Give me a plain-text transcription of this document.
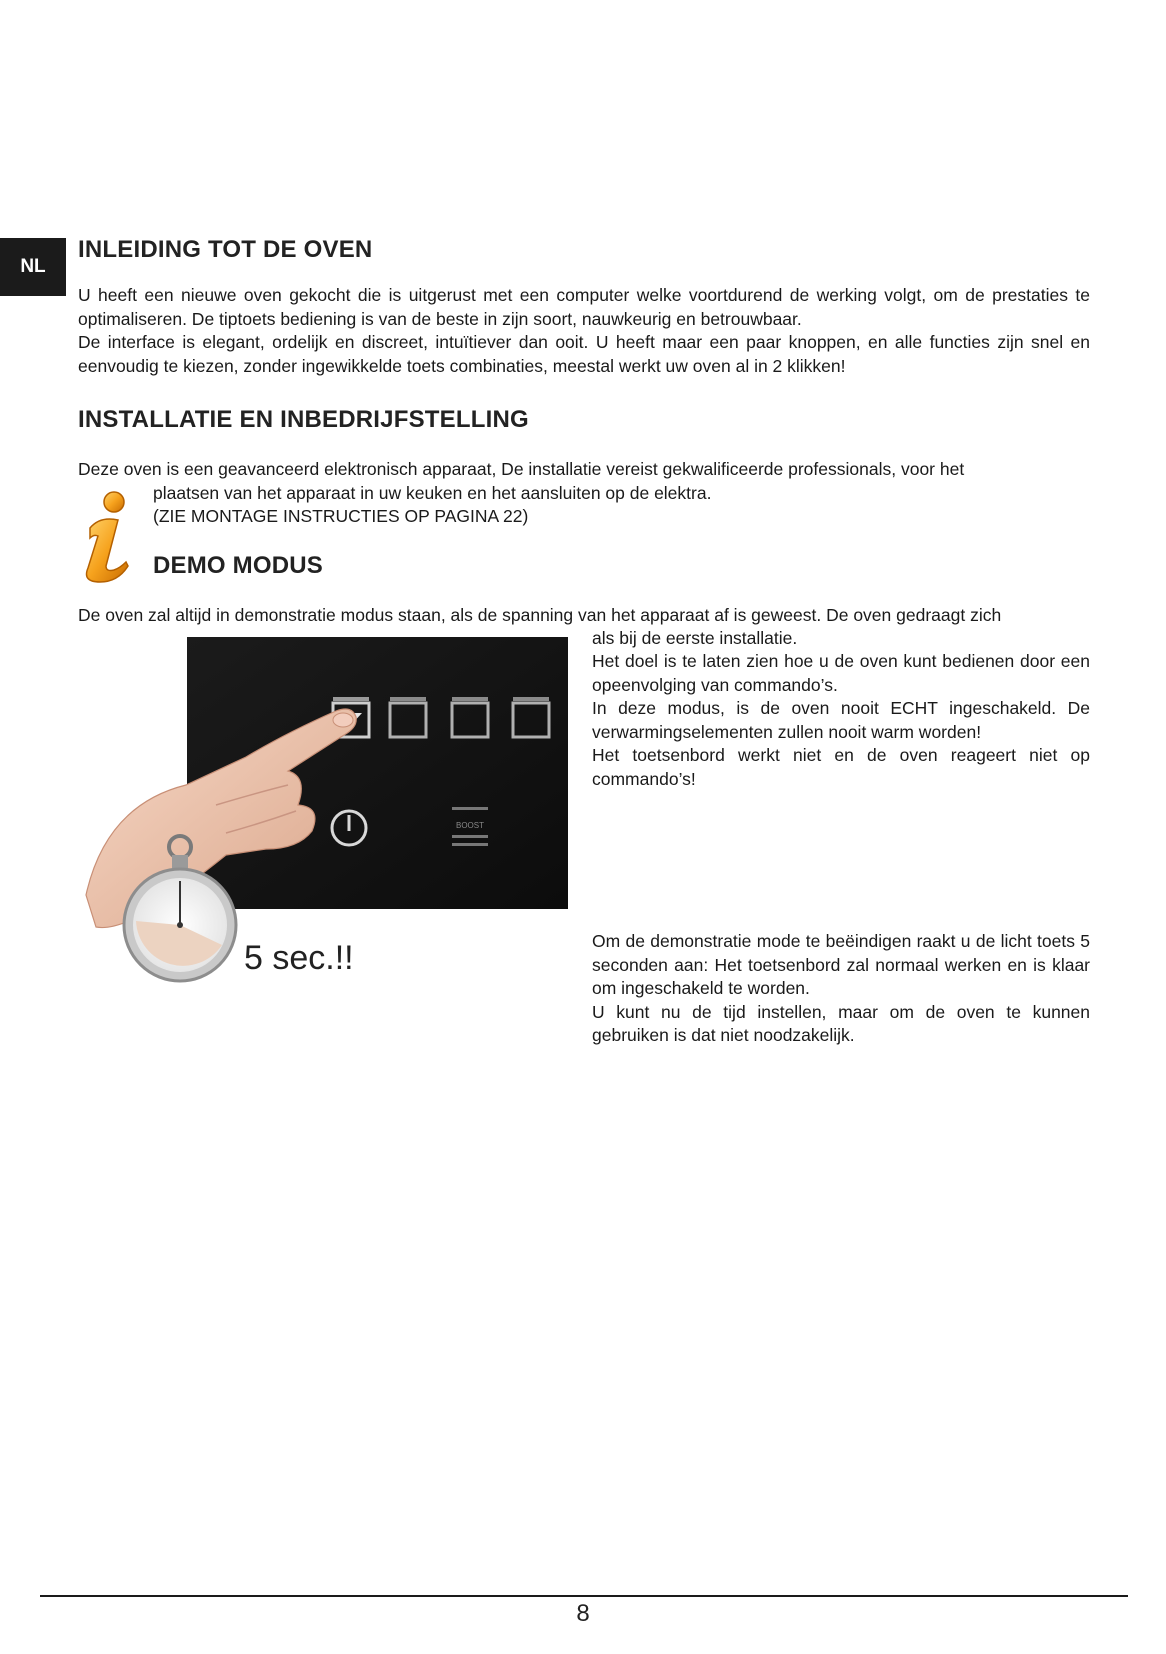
NL
INLEIDING TOT DE OVEN
U heeft een nieuwe oven gekocht die is uitgerust met een computer welke voortdurend de werking volgt, om de prestaties te optimaliseren. De tiptoets bediening is van de beste in zijn soort, nauwkeurig en betrouwbaar.
De interface is elegant, ordelijk en discreet, intuïtiever dan ooit. U heeft maar een paar knoppen, en alle functies zijn snel en eenvoudig te kiezen, zonder ingewikkelde toets combinaties, meestal werkt uw oven al in 2 klikken!
INSTALLATIE EN INBEDRIJFSTELLING
Deze oven is een geavanceerd elektronisch apparaat, De installatie vereist gekwalificeerde professionals, voor het
plaatsen van het apparaat in uw keuken en het aansluiten op de elektra.
(ZIE MONTAGE INSTRUCTIES OP PAGINA 22)
DEMO MODUS
De oven zal altijd in demonstratie modus staan, als de spanning van het apparaat af is geweest. De oven gedraagt zich
als bij de eerste installatie.
Het doel is te laten zien hoe u de oven kunt bedienen door een opeenvolging van commando’s.
In deze modus, is de oven nooit ECHT ingeschakeld. De verwarmingselementen zullen nooit warm worden!
Het toetsenbord werkt niet en de oven reageert niet op commando’s!
Om de demonstratie mode te beëindigen raakt u de licht toets 5 seconden aan: Het toetsenbord zal normaal werken en is klaar om ingeschakeld te worden.
U kunt nu de tijd instellen, maar om de oven te kunnen gebruiken is dat niet noodzakelijk.
BOOST
5 sec.!!
8
